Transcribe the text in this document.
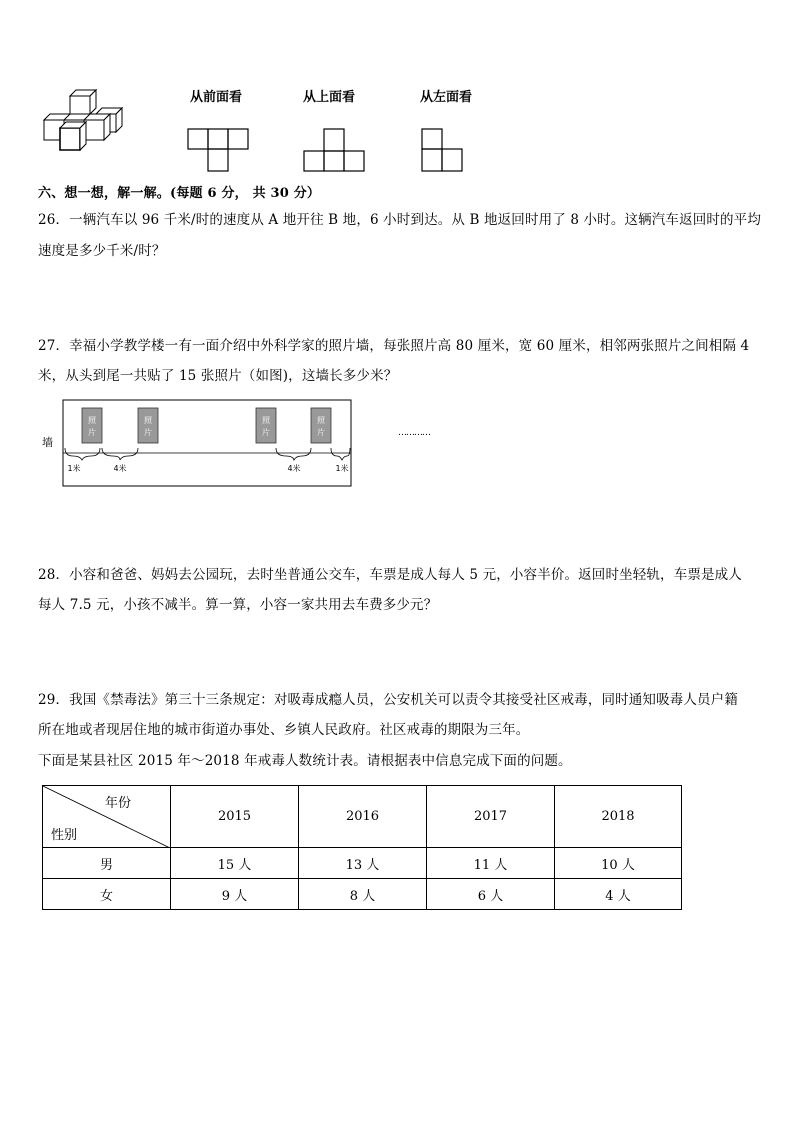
从前面看	从上面看	从左面看
六、想一想，解一解。(每题 6 分， 共 30 分）
26．一辆汽车以 96 千米/时的速度从 A 地开往 B 地，6 小时到达。从 B 地返回时用了 8 小时。这辆汽车返回时的平均
速度是多少千米/时？
27．幸福小学教学楼一有一面介绍中外科学家的照片墙，每张照片高 80 厘米，宽 60 厘米，相邻两张照片之间相隔 4
米，从头到尾一共贴了 15 张照片（如图)，这墙长多少米？
墙
照
片
照
片
照
片
照
片
1米	4米	4米	1米
…………
28．小容和爸爸、妈妈去公园玩，去时坐普通公交车，车票是成人每人 5 元，小容半价。返回时坐轻轨，车票是成人
每人 7.5 元，小孩不减半。算一算，小容一家共用去车费多少元？
29．我国《禁毒法》第三十三条规定：对吸毒成瘾人员，公安机关可以责令其接受社区戒毒，同时通知吸毒人员户籍
所在地或者现居住地的城市街道办事处、乡镇人民政府。社区戒毒的期限为三年。
下面是某县社区 2015 年～2018 年戒毒人数统计表。请根据表中信息完成下面的问题。
年份
性别	2015	2016	2017	2018
男	15 人	13 人	11 人	10 人
女	9 人	8 人	6 人	4 人
